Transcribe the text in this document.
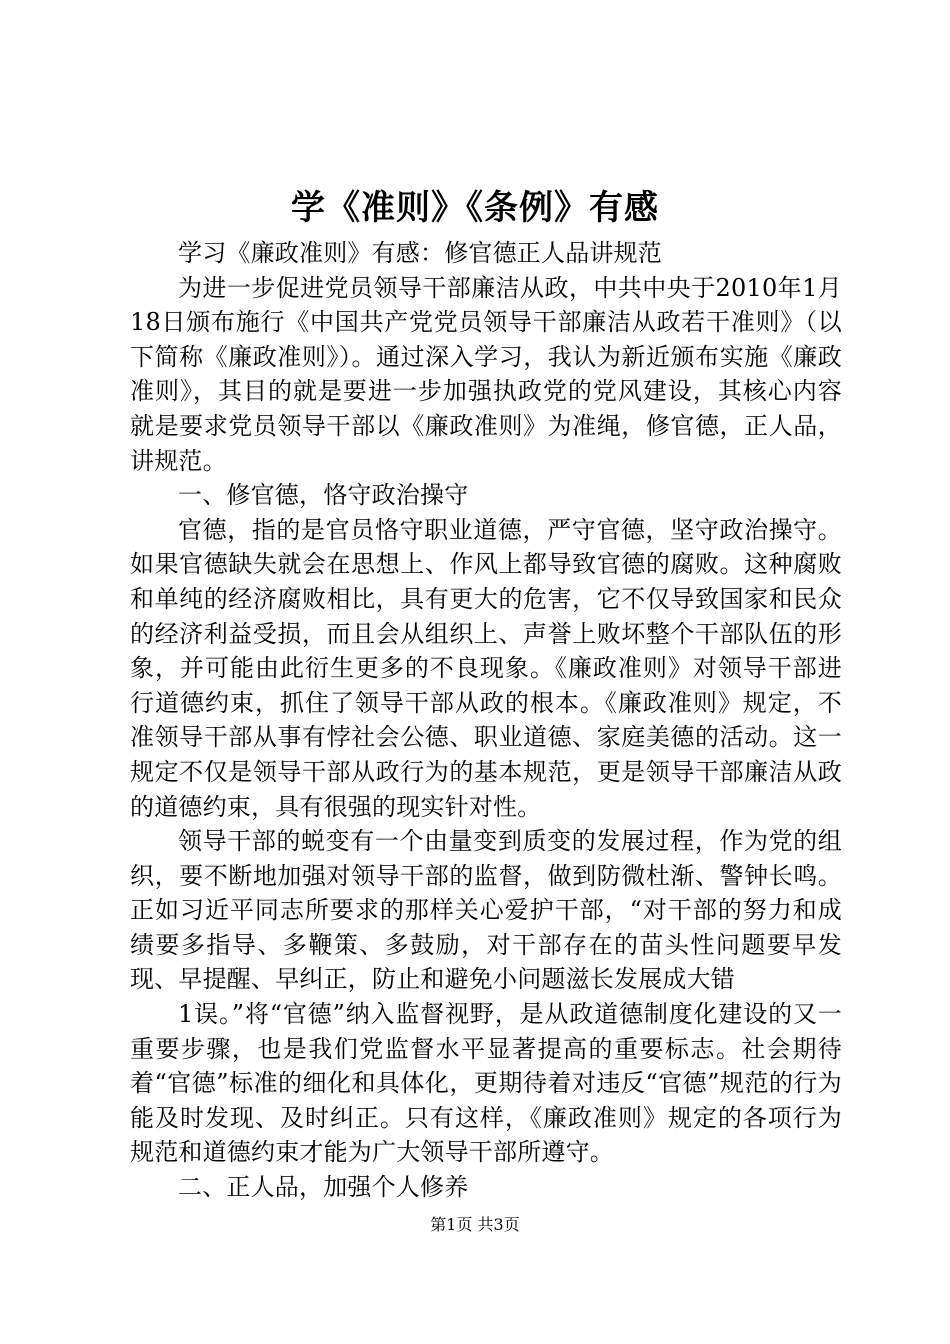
学《准则》《条例》有感

学习《廉政准则》有感：修官德正人品讲规范

为进一步促进党员领导干部廉洁从政，中共中央于2010年1月18日颁布施行《中国共产党党员领导干部廉洁从政若干准则》（以下简称《廉政准则》）。通过深入学习，我认为新近颁布实施《廉政准则》，其目的就是要进一步加强执政党的党风建设，其核心内容就是要求党员领导干部以《廉政准则》为准绳，修官德，正人品，讲规范。

一、修官德，恪守政治操守

官德，指的是官员恪守职业道德，严守官德，坚守政治操守。如果官德缺失就会在思想上、作风上都导致官德的腐败。这种腐败和单纯的经济腐败相比，具有更大的危害，它不仅导致国家和民众的经济利益受损，而且会从组织上、声誉上败坏整个干部队伍的形象，并可能由此衍生更多的不良现象。《廉政准则》对领导干部进行道德约束，抓住了领导干部从政的根本。《廉政准则》规定，不准领导干部从事有悖社会公德、职业道德、家庭美德的活动。这一规定不仅是领导干部从政行为的基本规范，更是领导干部廉洁从政的道德约束，具有很强的现实针对性。

领导干部的蜕变有一个由量变到质变的发展过程，作为党的组织，要不断地加强对领导干部的监督，做到防微杜渐、警钟长鸣。正如习近平同志所要求的那样关心爱护干部，“对干部的努力和成绩要多指导、多鞭策、多鼓励，对干部存在的苗头性问题要早发现、早提醒、早纠正，防止和避免小问题滋长发展成大错

1误。”将“官德”纳入监督视野，是从政道德制度化建设的又一重要步骤，也是我们党监督水平显著提高的重要标志。社会期待着“官德”标准的细化和具体化，更期待着对违反“官德”规范的行为能及时发现、及时纠正。只有这样，《廉政准则》规定的各项行为规范和道德约束才能为广大领导干部所遵守。

二、正人品，加强个人修养

第1页 共3页
